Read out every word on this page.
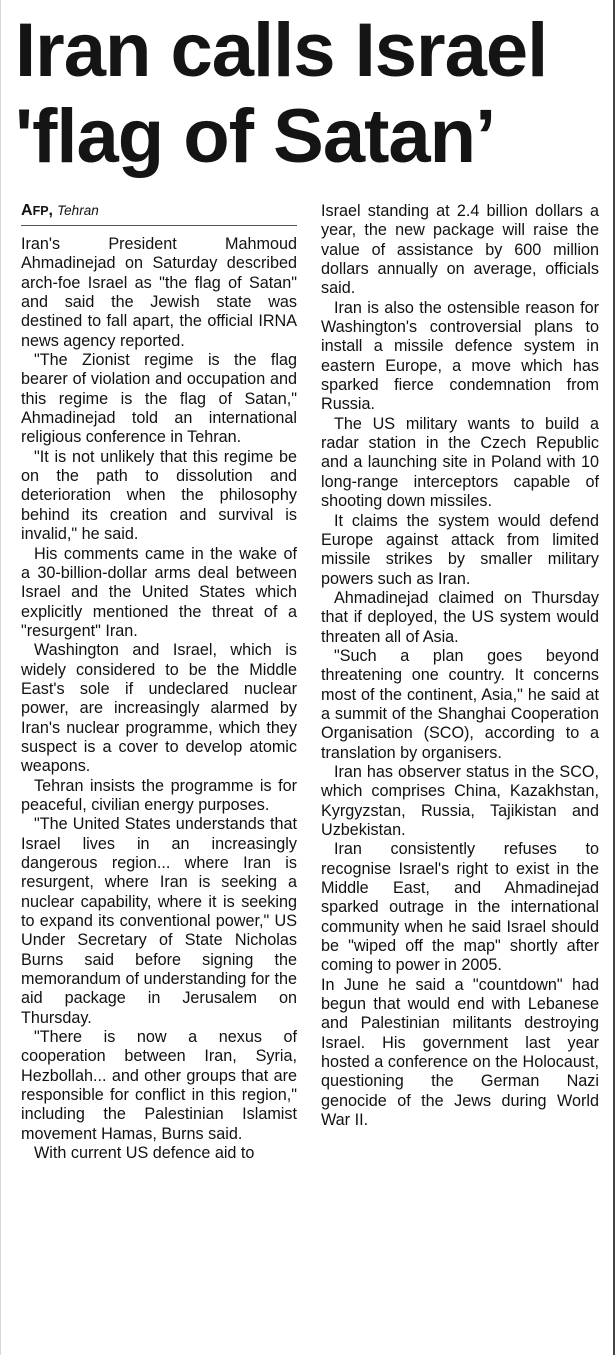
Iran calls Israel
'flag of Satan’
AFP, Tehran

Iran's President Mahmoud Ahmadinejad on Saturday described arch-foe Israel as "the flag of Satan" and said the Jewish state was destined to fall apart, the official IRNA news agency reported.

"The Zionist regime is the flag bearer of violation and occupation and this regime is the flag of Satan," Ahmadinejad told an international religious conference in Tehran.

"It is not unlikely that this regime be on the path to dissolution and deterioration when the philosophy behind its creation and survival is invalid," he said.

His comments came in the wake of a 30-billion-dollar arms deal between Israel and the United States which explicitly mentioned the threat of a "resurgent" Iran.

Washington and Israel, which is widely considered to be the Middle East's sole if undeclared nuclear power, are increasingly alarmed by Iran's nuclear programme, which they suspect is a cover to develop atomic weapons.

Tehran insists the programme is for peaceful, civilian energy purposes.

"The United States understands that Israel lives in an increasingly dangerous region... where Iran is resurgent, where Iran is seeking a nuclear capability, where it is seeking to expand its conventional power," US Under Secretary of State Nicholas Burns said before signing the memorandum of understanding for the aid package in Jerusalem on Thursday.

"There is now a nexus of cooperation between Iran, Syria, Hezbollah... and other groups that are responsible for conflict in this region," including the Palestinian Islamist movement Hamas, Burns said.

With current US defence aid to

Israel standing at 2.4 billion dollars a year, the new package will raise the value of assistance by 600 million dollars annually on average, officials said.

Iran is also the ostensible reason for Washington's controversial plans to install a missile defence system in eastern Europe, a move which has sparked fierce condemnation from Russia.

The US military wants to build a radar station in the Czech Republic and a launching site in Poland with 10 long-range interceptors capable of shooting down missiles.

It claims the system would defend Europe against attack from limited missile strikes by smaller military powers such as Iran.

Ahmadinejad claimed on Thursday that if deployed, the US system would threaten all of Asia.

"Such a plan goes beyond threatening one country. It concerns most of the continent, Asia," he said at a summit of the Shanghai Cooperation Organisation (SCO), according to a translation by organisers.

Iran has observer status in the SCO, which comprises China, Kazakhstan, Kyrgyzstan, Russia, Tajikistan and Uzbekistan.

Iran consistently refuses to recognise Israel's right to exist in the Middle East, and Ahmadinejad sparked outrage in the international community when he said Israel should be "wiped off the map" shortly after coming to power in 2005.

In June he said a "countdown" had begun that would end with Lebanese and Palestinian militants destroying Israel. His government last year hosted a conference on the Holocaust, questioning the German Nazi genocide of the Jews during World War II.
